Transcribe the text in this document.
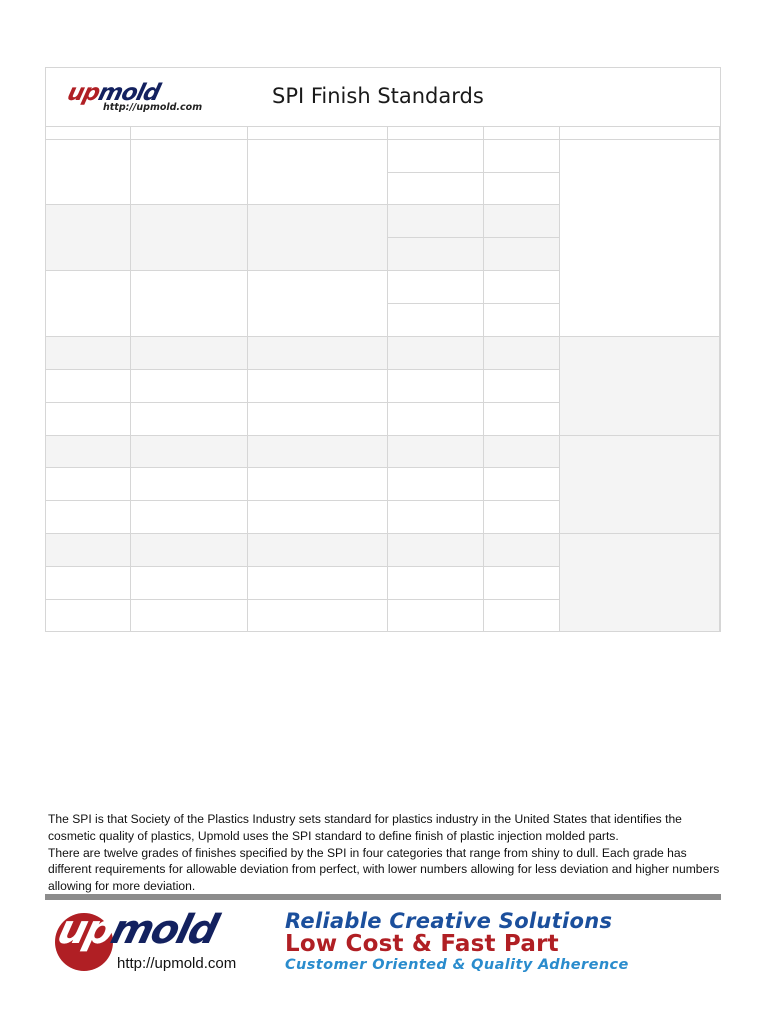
upmold
http://upmold.com	SPI Finish Standards

The SPI is that Society of the Plastics Industry sets standard for plastics industry in the United States that identifies the cosmetic quality of plastics, Upmold uses the SPI standard to define finish of plastic injection molded parts.

There are twelve grades of finishes specified by the SPI in four categories that range from shiny to dull. Each grade has different requirements for allowable deviation from perfect, with lower numbers allowing for less deviation and higher numbers allowing for more deviation.

upmold
http://upmold.com
Reliable Creative Solutions
Low Cost & Fast Part
Customer Oriented & Quality Adherence
